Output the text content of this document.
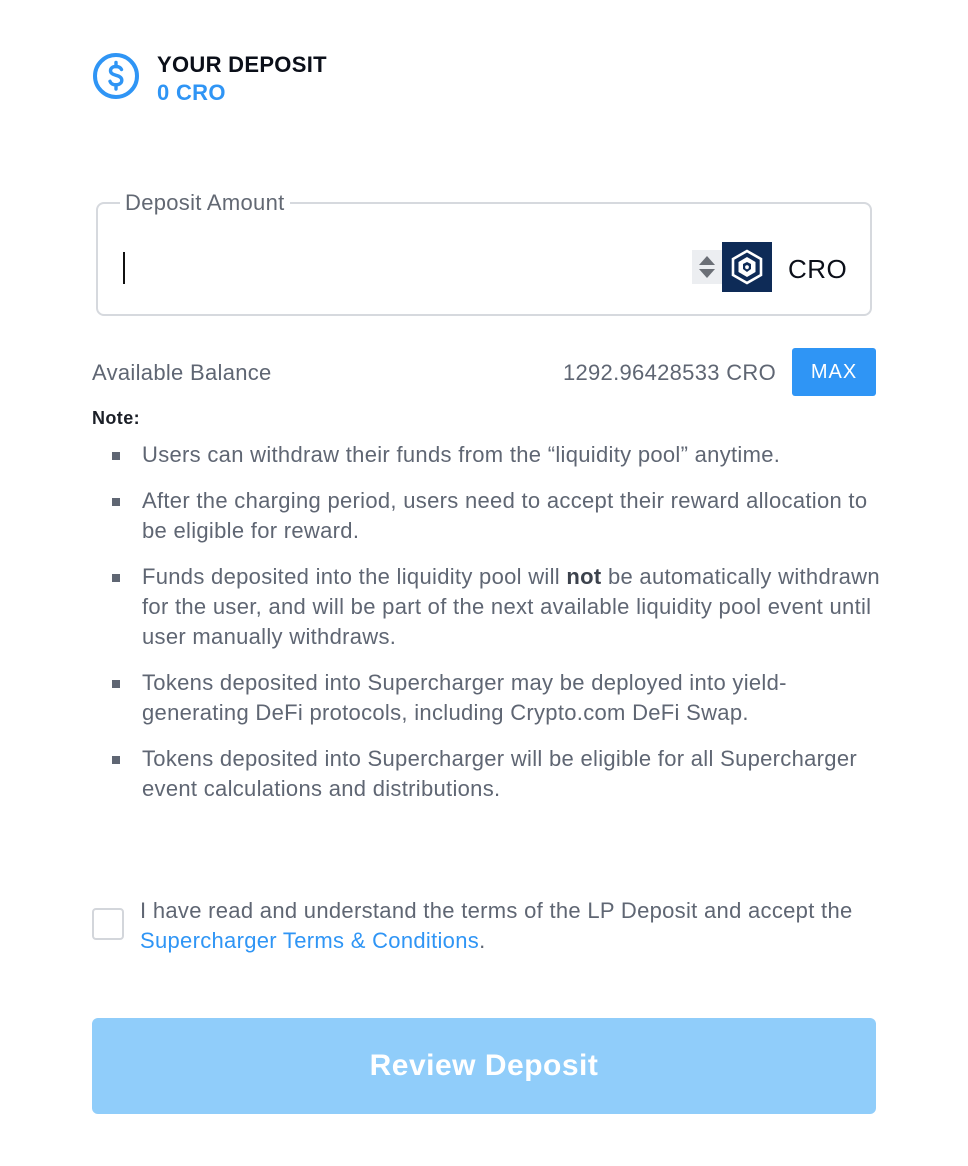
YOUR DEPOSIT
0 CRO
Deposit Amount
CRO
Available Balance	1292.96428533 CRO	MAX
Note:
Users can withdraw their funds from the “liquidity pool” anytime.
After the charging period, users need to accept their reward allocation to be eligible for reward.
Funds deposited into the liquidity pool will not be automatically withdrawn for the user, and will be part of the next available liquidity pool event until user manually withdraws.
Tokens deposited into Supercharger may be deployed into yield-generating DeFi protocols, including Crypto.com DeFi Swap.
Tokens deposited into Supercharger will be eligible for all Supercharger event calculations and distributions.
I have read and understand the terms of the LP Deposit and accept the Supercharger Terms & Conditions.
Review Deposit
